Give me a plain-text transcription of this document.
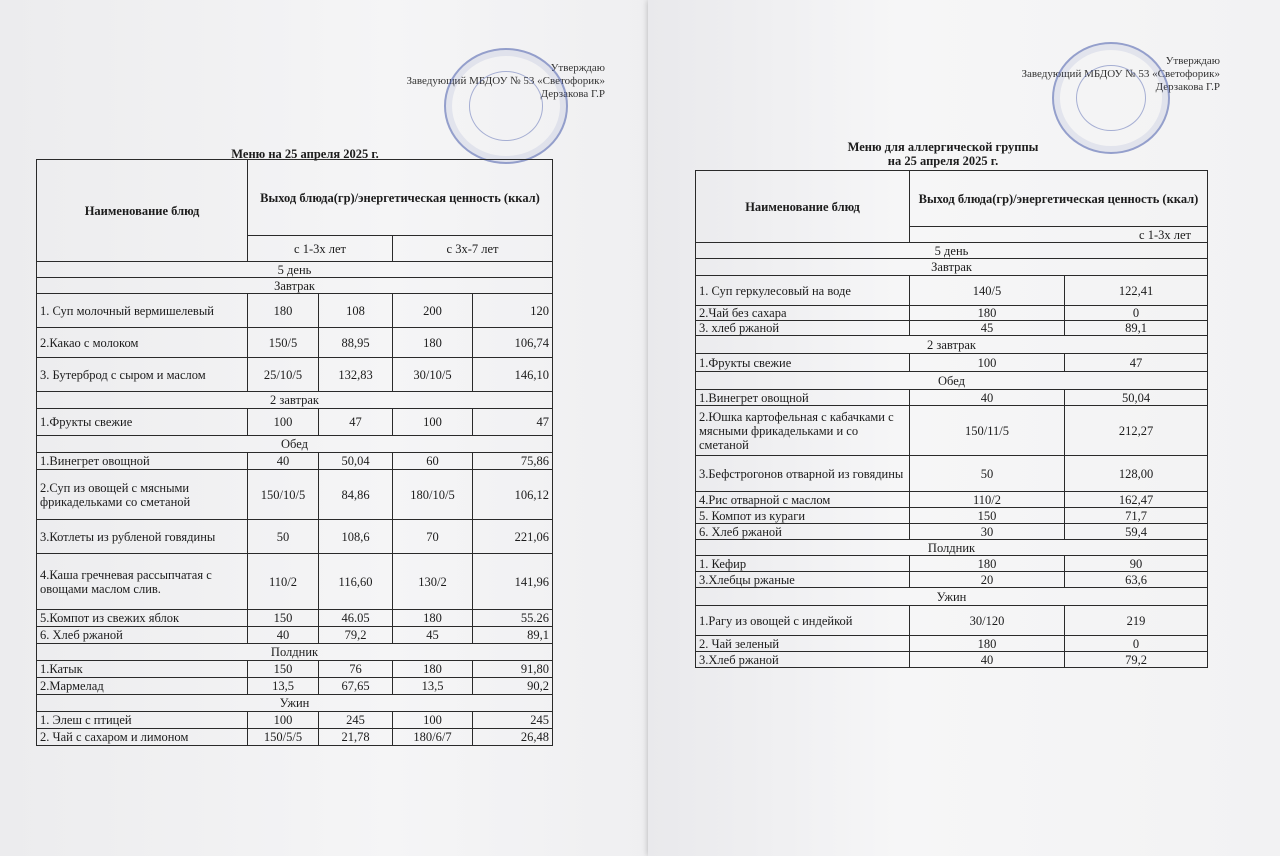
Утверждаю
Заведующий МБДОУ № 53 «Светофорик»
Дерзакова Г.Р
Меню на 25 апреля 2025 г.
Наименование блюд	Выход блюда(гр)/энергетическая ценность (ккал)			
	с 1-3х лет		с 3х-7 лет	
5 день				
Завтрак				
1. Суп молочный вермишелевый	180	108	200	120
2.Какао с молоком	150/5	88,95	180	106,74
3. Бутерброд с сыром и маслом	25/10/5	132,83	30/10/5	146,10
2 завтрак				
1.Фрукты свежие	100	47	100	47
Обед				
1.Винегрет овощной	40	50,04	60	75,86
2.Суп из овощей с мясными фрикадельками со сметаной	150/10/5	84,86	180/10/5	106,12
3.Котлеты из рубленой говядины	50	108,6	70	221,06
4.Каша гречневая рассыпчатая с овощами маслом слив.	110/2	116,60	130/2	141,96
5.Компот из свежих яблок	150	46.05	180	55.26
6. Хлеб ржаной	40	79,2	45	89,1
Полдник				
1.Катык	150	76	180	91,80
2.Мармелад	13,5	67,65	13,5	90,2
Ужин				
1. Элеш с птицей	100	245	100	245
2. Чай с сахаром и лимоном	150/5/5	21,78	180/6/7	26,48
Утверждаю
Заведующий МБДОУ № 53 «Светофорик»
Дерзакова Г.Р
Меню для аллергической группы
на 25 апреля 2025 г.
Наименование блюд	Выход блюда(гр)/энергетическая ценность (ккал)	
	с 1-3х лет	
5 день		
Завтрак		
1. Суп геркулесовый на воде	140/5	122,41
2.Чай без сахара	180	0
3. хлеб ржаной	45	89,1
2 завтрак		
1.Фрукты свежие	100	47
Обед		
1.Винегрет овощной	40	50,04
2.Юшка картофельная с кабачками с мясными фрикадельками и со сметаной	150/11/5	212,27
3.Бефстрогонов отварной из говядины	50	128,00
4.Рис отварной с маслом	110/2	162,47
5. Компот из кураги	150	71,7
6. Хлеб ржаной	30	59,4
Полдник		
1. Кефир	180	90
3.Хлебцы ржаные	20	63,6
Ужин		
1.Рагу из овощей с индейкой	30/120	219
2. Чай зеленый	180	0
3.Хлеб ржаной	40	79,2
